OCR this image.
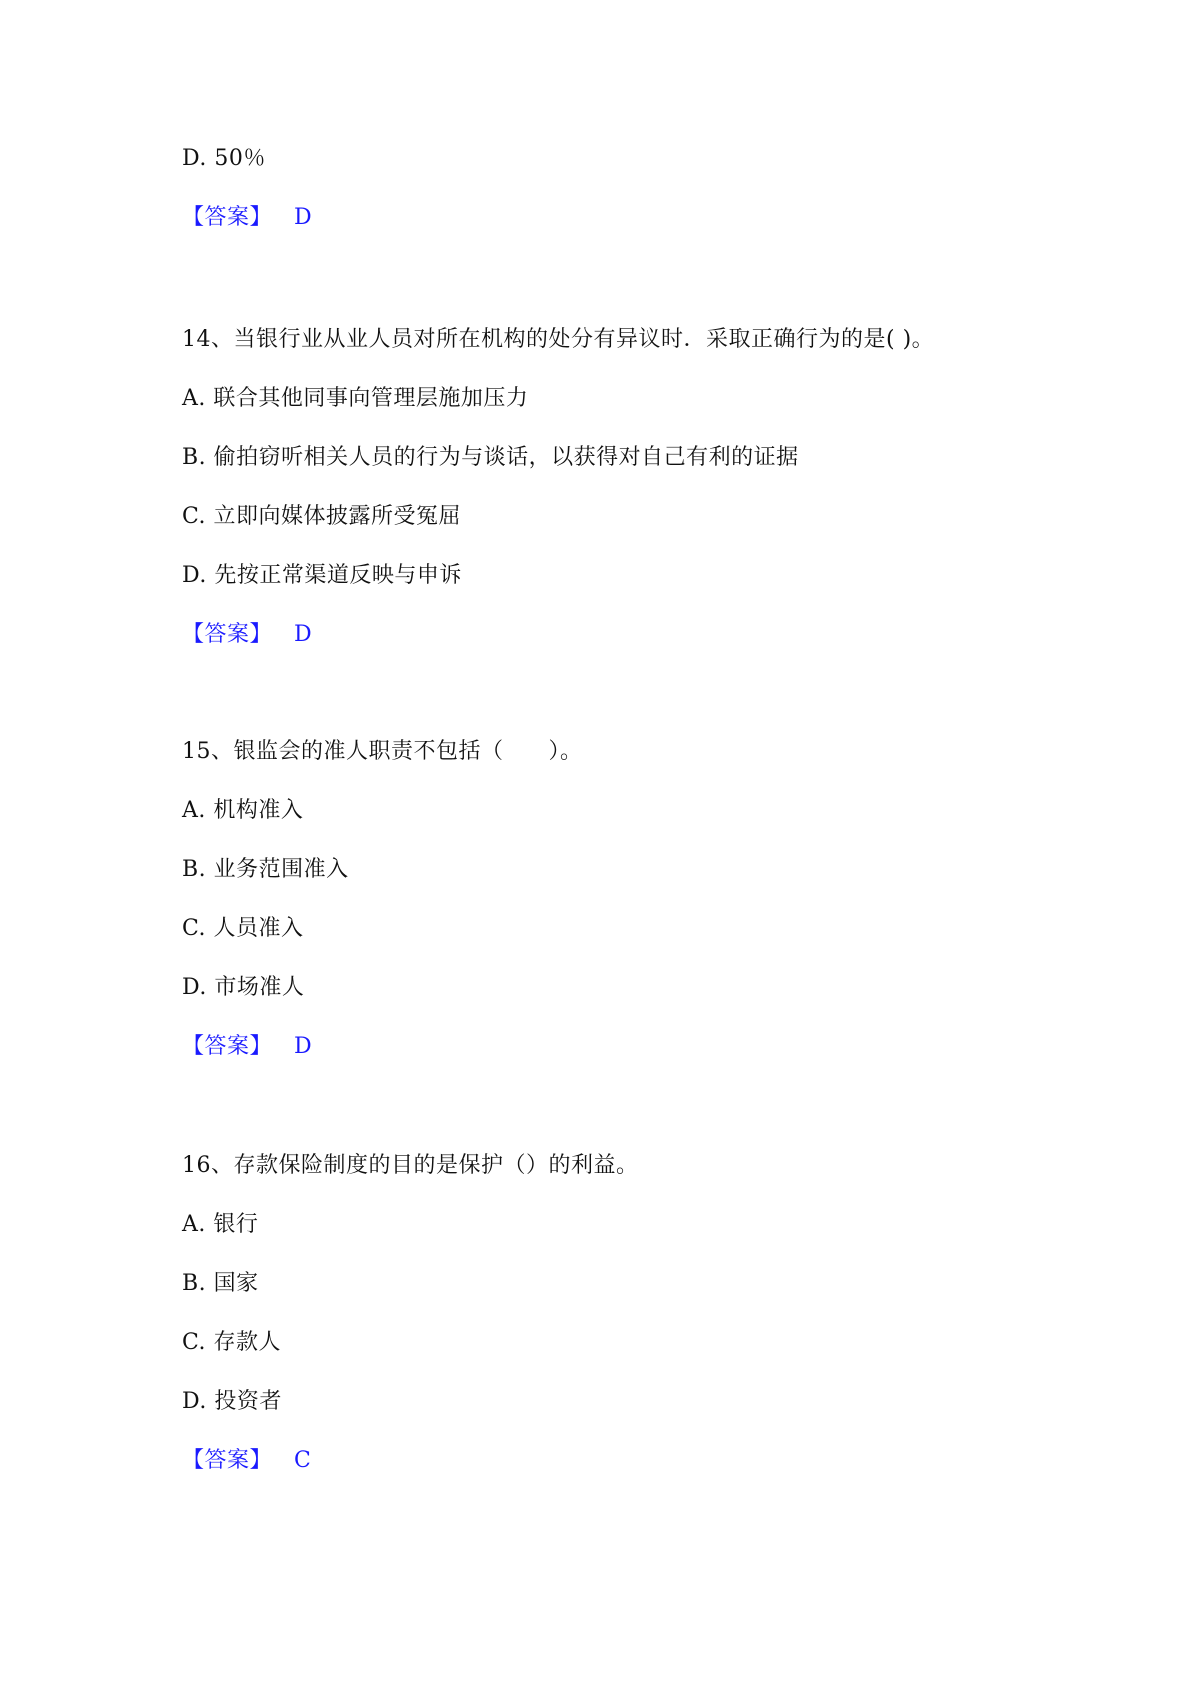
D. 50％
【答案】 D
14、当银行业从业人员对所在机构的处分有异议时．采取正确行为的是( )。
A. 联合其他同事向管理层施加压力
B. 偷拍窃听相关人员的行为与谈话，以获得对自己有利的证据
C. 立即向媒体披露所受冤屈
D. 先按正常渠道反映与申诉
【答案】 D
15、银监会的准人职责不包括（　　）。
A. 机构准入
B. 业务范围准入
C. 人员准入
D. 市场准人
【答案】 D
16、存款保险制度的目的是保护（）的利益。
A. 银行
B. 国家
C. 存款人
D. 投资者
【答案】 C
